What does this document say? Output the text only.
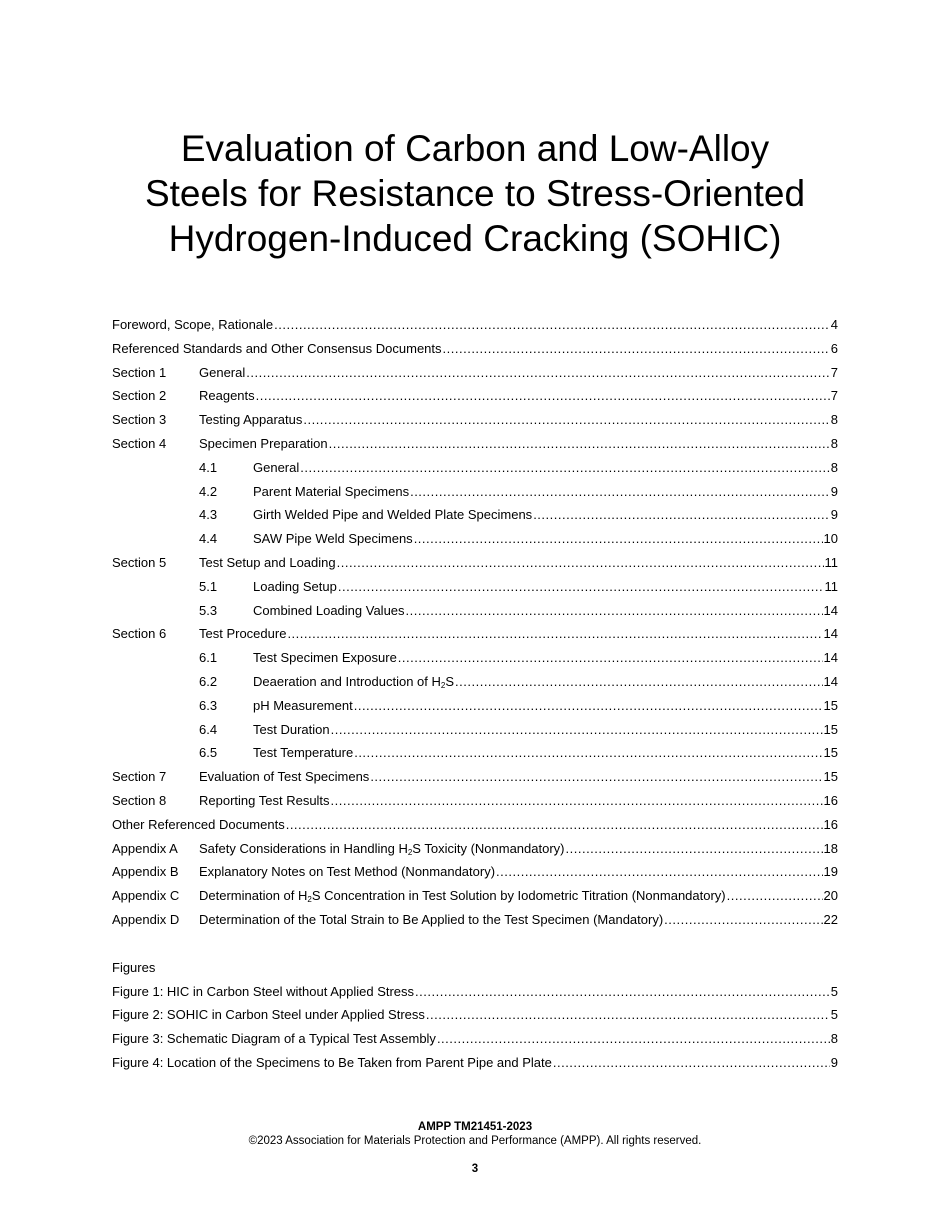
Evaluation of Carbon and Low-Alloy
Steels for Resistance to Stress-Oriented
Hydrogen-Induced Cracking (SOHIC)
Foreword, Scope, Rationale .....	4
Referenced Standards and Other Consensus Documents .....	6
Section 1	General .....	7
Section 2	Reagents .....	7
Section 3	Testing Apparatus .....	8
Section 4	Specimen Preparation .....	8
4.1	General .....	8
4.2	Parent Material Specimens .....	9
4.3	Girth Welded Pipe and Welded Plate Specimens .....	9
4.4	SAW Pipe Weld Specimens .....	10
Section 5	Test Setup and Loading .....	11
5.1	Loading Setup .....	11
5.3	Combined Loading Values .....	14
Section 6	Test Procedure .....	14
6.1	Test Specimen Exposure .....	14
6.2	Deaeration and Introduction of $H_2S$ .....	14
6.3	pH Measurement .....	15
6.4	Test Duration .....	15
6.5	Test Temperature .....	15
Section 7	Evaluation of Test Specimens .....	15
Section 8	Reporting Test Results .....	16
Other Referenced Documents .....	16
Appendix A	Safety Considerations in Handling $H_2S$ Toxicity (Nonmandatory) .....	18
Appendix B	Explanatory Notes on Test Method (Nonmandatory) .....	19
Appendix C	Determination of $H_2S$ Concentration in Test Solution by Iodometric Titration (Nonmandatory) .....	20
Appendix D	Determination of the Total Strain to Be Applied to the Test Specimen (Mandatory) .....	22
Figures
Figure 1: HIC in Carbon Steel without Applied Stress .....	5
Figure 2: SOHIC in Carbon Steel under Applied Stress .....	5
Figure 3: Schematic Diagram of a Typical Test Assembly .....	8
Figure 4: Location of the Specimens to Be Taken from Parent Pipe and Plate .....	9
AMPP TM21451-2023
©2023 Association for Materials Protection and Performance (AMPP). All rights reserved.
3
